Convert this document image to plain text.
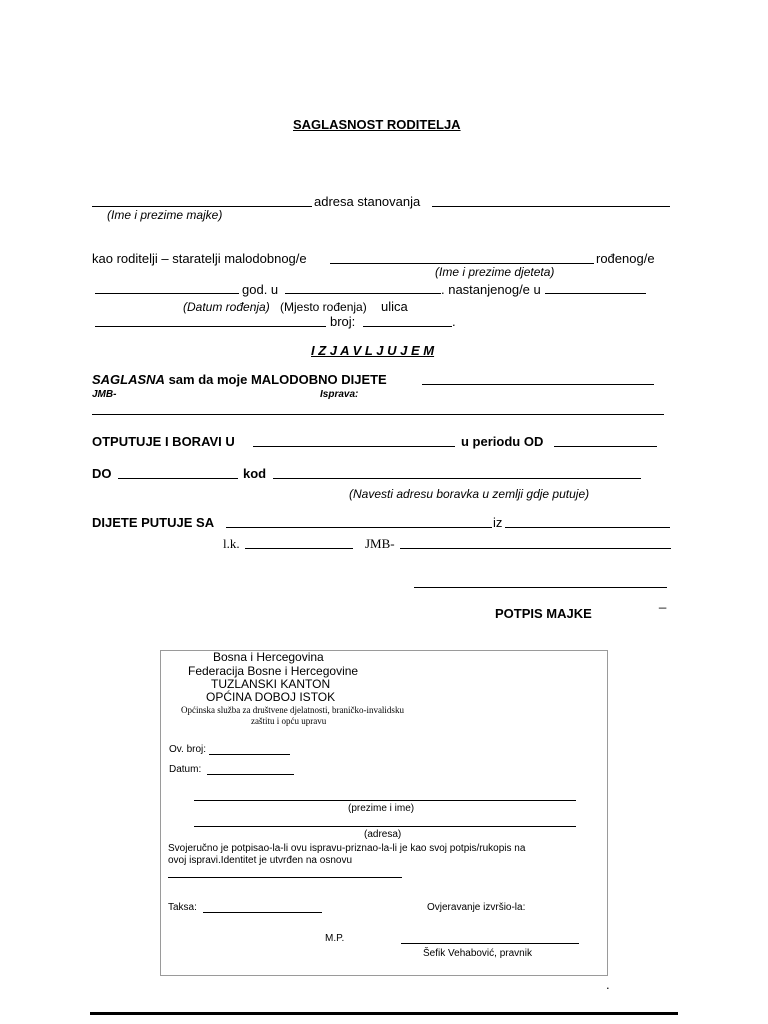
SAGLASNOST RODITELJA
adresa stanovanja
(Ime i prezime majke)
kao roditelji – staratelji malodobnog/e	rođenog/e
(Ime i prezime djeteta)
god. u	. nastanjenog/e u
(Datum rođenja) (Mjesto rođenja) ulica
broj:	.
I Z J A V L J U J E M
SAGLASNA sam da moje MALODOBNO DIJETE
JMB-	Isprava:
OTPUTUJE I BORAVI U	u periodu OD
DO	kod
(Navesti adresu boravka u zemlji gdje putuje)
DIJETE PUTUJE SA	iz
l.k.	JMB-
_
POTPIS MAJKE
Bosna i Hercegovina
Federacija Bosne i Hercegovine
TUZLANSKI KANTON
OPĆINA DOBOJ ISTOK
Općinska služba za društvene djelatnosti, braničko-invalidsku
zaštitu i opću upravu
Ov. broj:
Datum:
(prezime i ime)
(adresa)
Svojeručno je potpisao-la-li ovu ispravu-priznao-la-li je kao svoj potpis/rukopis na
ovoj ispravi.Identitet je utvrđen na osnovu
Taksa:	Ovjeravanje izvršio-la:
M.P.
Šefik Vehabović, pravnik
.
